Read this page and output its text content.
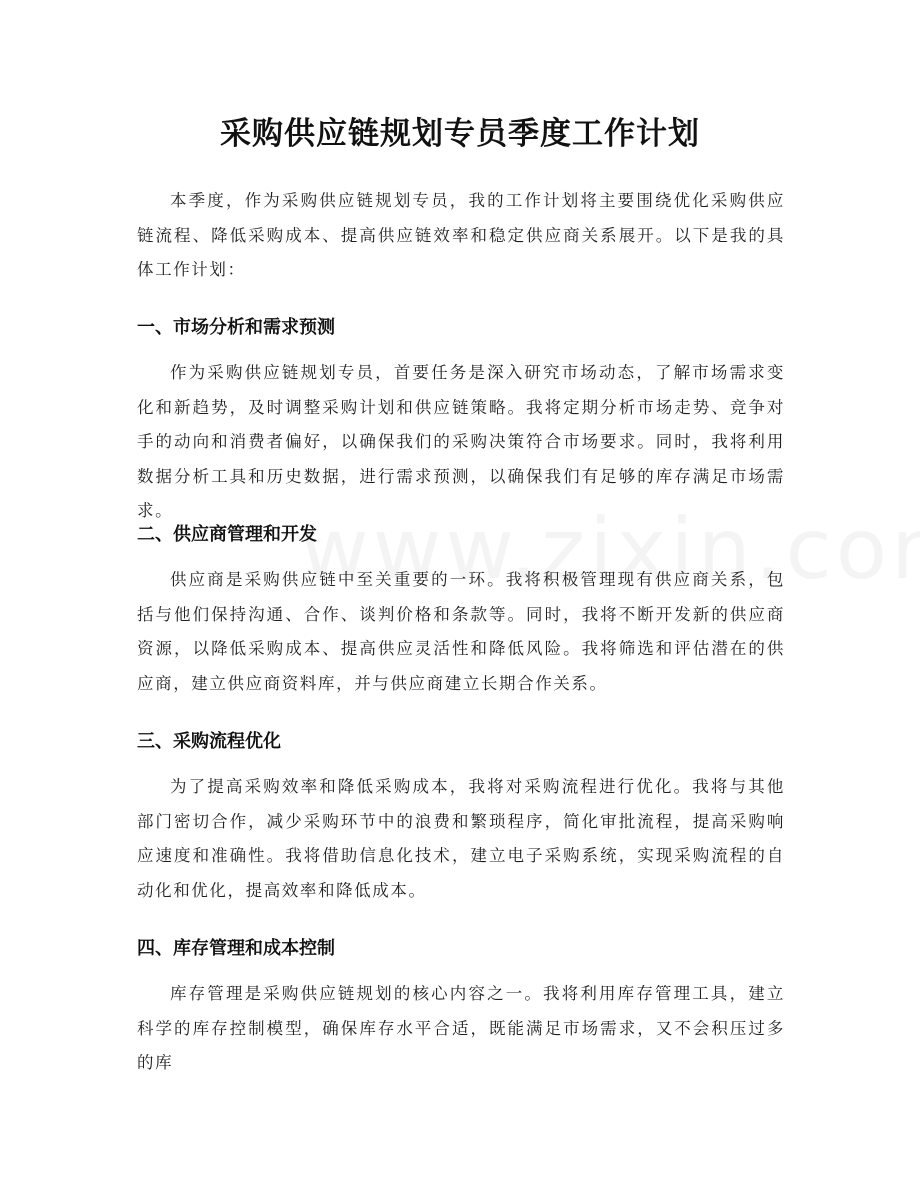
采购供应链规划专员季度工作计划

本季度，作为采购供应链规划专员，我的工作计划将主要围绕优化采购供应链流程、降低采购成本、提高供应链效率和稳定供应商关系展开。以下是我的具体工作计划：

一、市场分析和需求预测

作为采购供应链规划专员，首要任务是深入研究市场动态，了解市场需求变化和新趋势，及时调整采购计划和供应链策略。我将定期分析市场走势、竞争对手的动向和消费者偏好，以确保我们的采购决策符合市场要求。同时，我将利用数据分析工具和历史数据，进行需求预测，以确保我们有足够的库存满足市场需求。

二、供应商管理和开发

供应商是采购供应链中至关重要的一环。我将积极管理现有供应商关系，包括与他们保持沟通、合作、谈判价格和条款等。同时，我将不断开发新的供应商资源，以降低采购成本、提高供应灵活性和降低风险。我将筛选和评估潜在的供应商，建立供应商资料库，并与供应商建立长期合作关系。

三、采购流程优化

为了提高采购效率和降低采购成本，我将对采购流程进行优化。我将与其他部门密切合作，减少采购环节中的浪费和繁琐程序，简化审批流程，提高采购响应速度和准确性。我将借助信息化技术，建立电子采购系统，实现采购流程的自动化和优化，提高效率和降低成本。

四、库存管理和成本控制

库存管理是采购供应链规划的核心内容之一。我将利用库存管理工具，建立科学的库存控制模型，确保库存水平合适，既能满足市场需求，又不会积压过多的库
